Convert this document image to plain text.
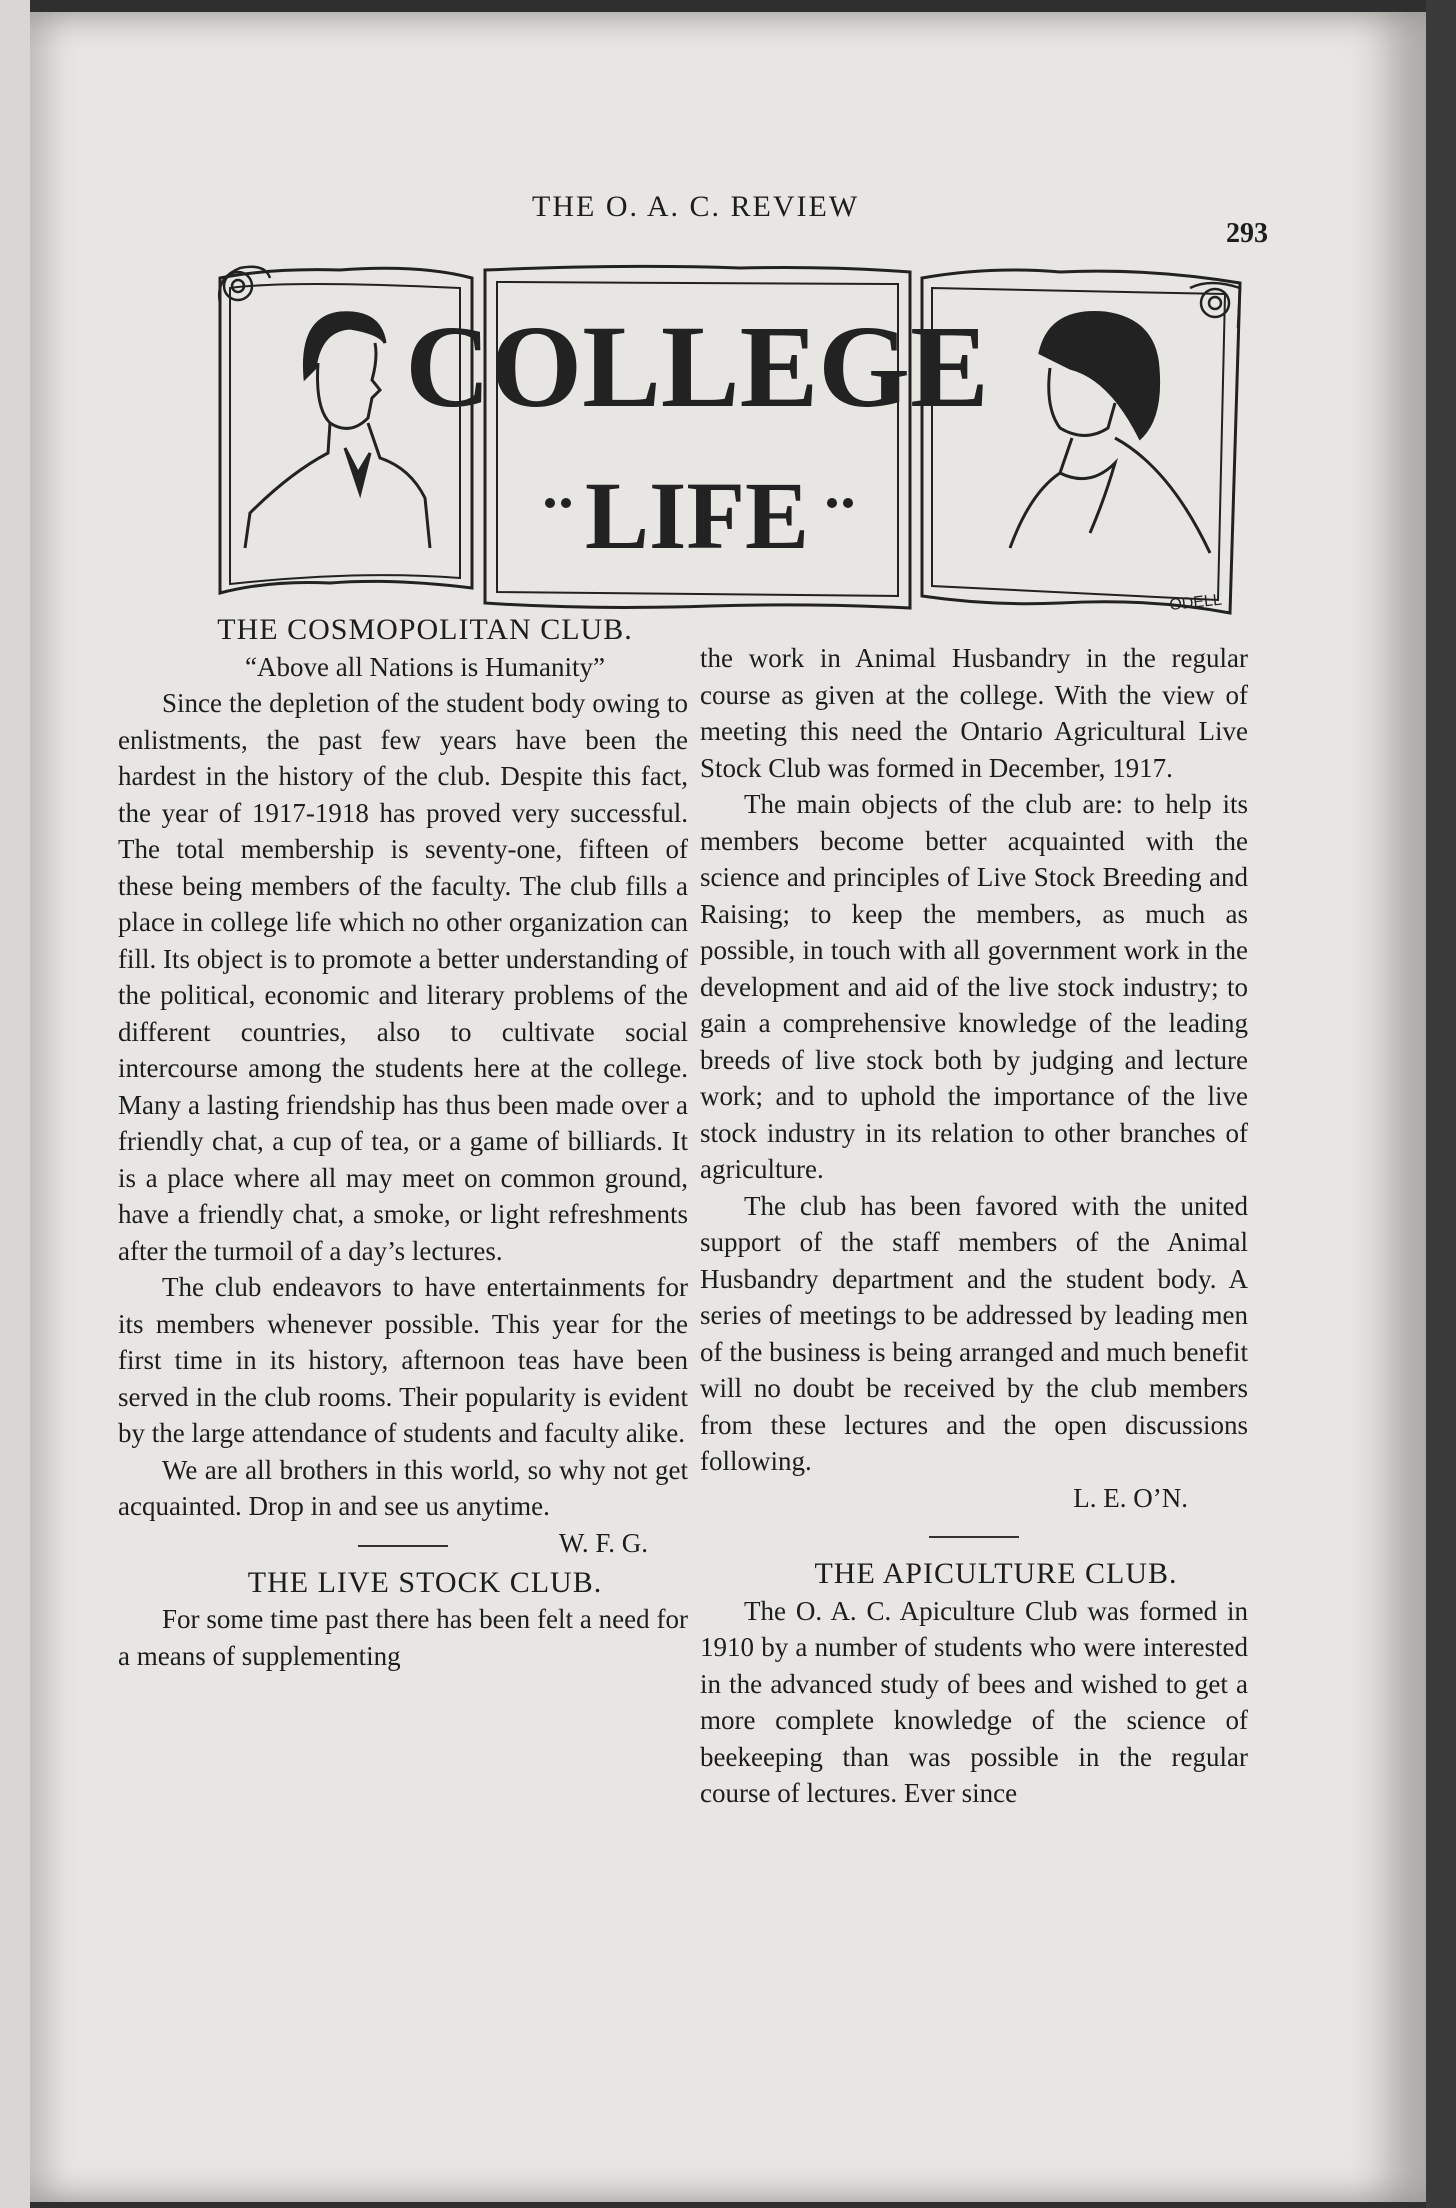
THE O. A. C. REVIEW
293
COLLEGE
LIFE
ODELL

THE COSMOPOLITAN CLUB.

“Above all Nations is Humanity”

Since the depletion of the student body owing to enlistments, the past few years have been the hardest in the history of the club. Despite this fact, the year of 1917-1918 has proved very successful. The total membership is seventy-one, fifteen of these being members of the faculty. The club fills a place in college life which no other organization can fill. Its object is to promote a better understanding of the political, economic and literary problems of the different countries, also to cultivate social intercourse among the students here at the college. Many a lasting friendship has thus been made over a friendly chat, a cup of tea, or a game of billiards. It is a place where all may meet on common ground, have a friendly chat, a smoke, or light refreshments after the turmoil of a day’s lectures.

The club endeavors to have entertainments for its members whenever possible. This year for the first time in its history, afternoon teas have been served in the club rooms. Their popularity is evident by the large attendance of students and faculty alike.

We are all brothers in this world, so why not get acquainted. Drop in and see us anytime.
W. F. G.

THE LIVE STOCK CLUB.

For some time past there has been felt a need for a means of supplementing

the work in Animal Husbandry in the regular course as given at the college. With the view of meeting this need the Ontario Agricultural Live Stock Club was formed in December, 1917.

The main objects of the club are: to help its members become better acquainted with the science and principles of Live Stock Breeding and Raising; to keep the members, as much as possible, in touch with all government work in the development and aid of the live stock industry; to gain a comprehensive knowledge of the leading breeds of live stock both by judging and lecture work; and to uphold the importance of the live stock industry in its relation to other branches of agriculture.

The club has been favored with the united support of the staff members of the Animal Husbandry department and the student body. A series of meetings to be addressed by leading men of the business is being arranged and much benefit will no doubt be received by the club members from these lectures and the open discussions following.

L. E. O’N.

THE APICULTURE CLUB.

The O. A. C. Apiculture Club was formed in 1910 by a number of students who were interested in the advanced study of bees and wished to get a more complete knowledge of the science of beekeeping than was possible in the regular course of lectures. Ever since
